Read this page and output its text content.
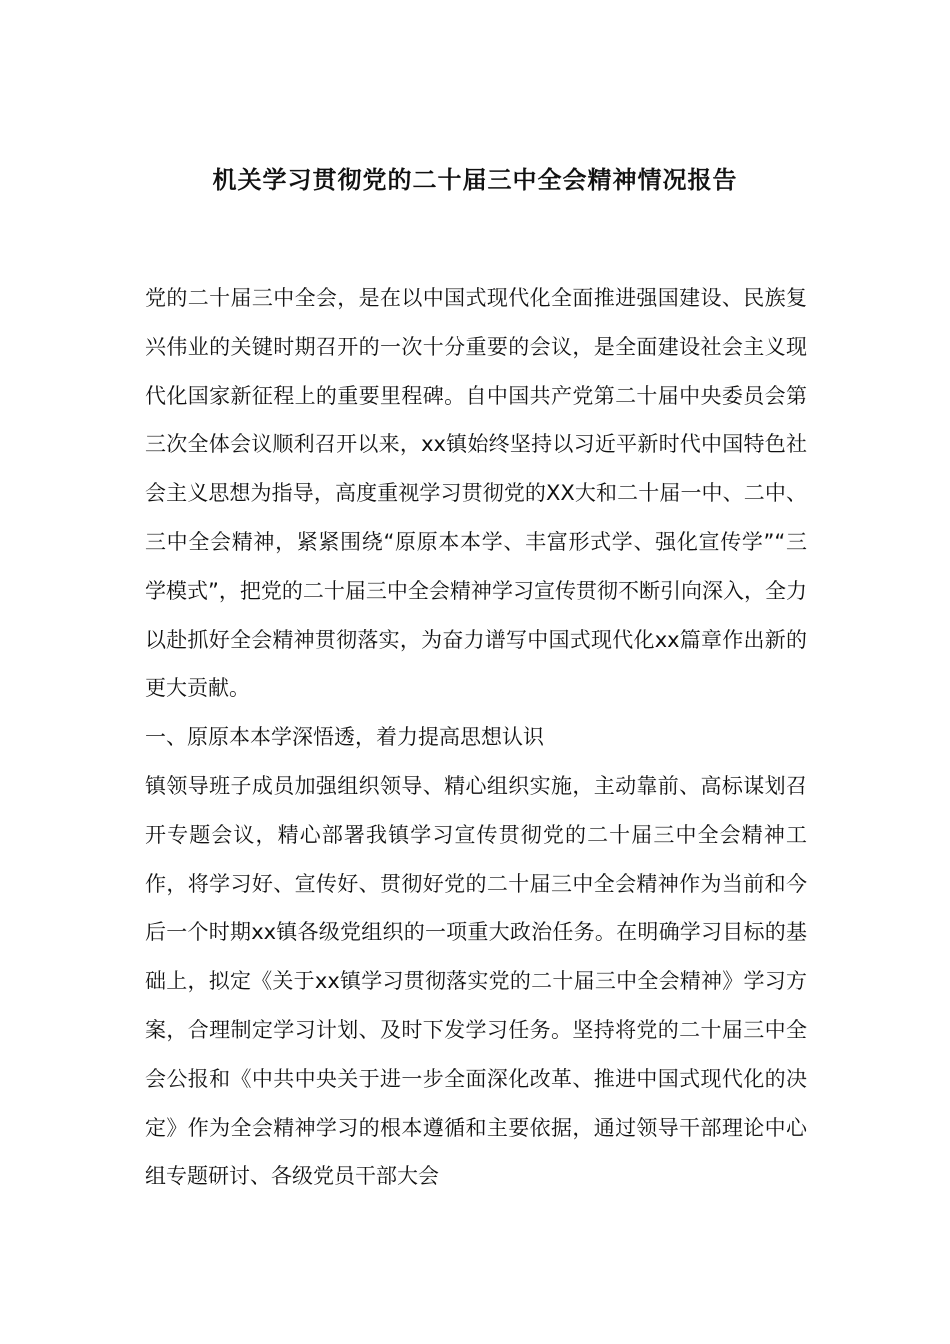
机关学习贯彻党的二十届三中全会精神情况报告

党的二十届三中全会，是在以中国式现代化全面推进强国建设、民族复兴伟业的关键时期召开的一次十分重要的会议，是全面建设社会主义现代化国家新征程上的重要里程碑。自中国共产党第二十届中央委员会第三次全体会议顺利召开以来，xx镇始终坚持以习近平新时代中国特色社会主义思想为指导，高度重视学习贯彻党的XX大和二十届一中、二中、三中全会精神，紧紧围绕“原原本本学、丰富形式学、强化宣传学”“三学模式”，把党的二十届三中全会精神学习宣传贯彻不断引向深入，全力以赴抓好全会精神贯彻落实，为奋力谱写中国式现代化xx篇章作出新的更大贡献。

一、原原本本学深悟透，着力提高思想认识

镇领导班子成员加强组织领导、精心组织实施，主动靠前、高标谋划召开专题会议，精心部署我镇学习宣传贯彻党的二十届三中全会精神工作，将学习好、宣传好、贯彻好党的二十届三中全会精神作为当前和今后一个时期xx镇各级党组织的一项重大政治任务。在明确学习目标的基础上，拟定《关于xx镇学习贯彻落实党的二十届三中全会精神》学习方案，合理制定学习计划、及时下发学习任务。坚持将党的二十届三中全会公报和《中共中央关于进一步全面深化改革、推进中国式现代化的决定》作为全会精神学习的根本遵循和主要依据，通过领导干部理论中心组专题研讨、各级党员干部大会
